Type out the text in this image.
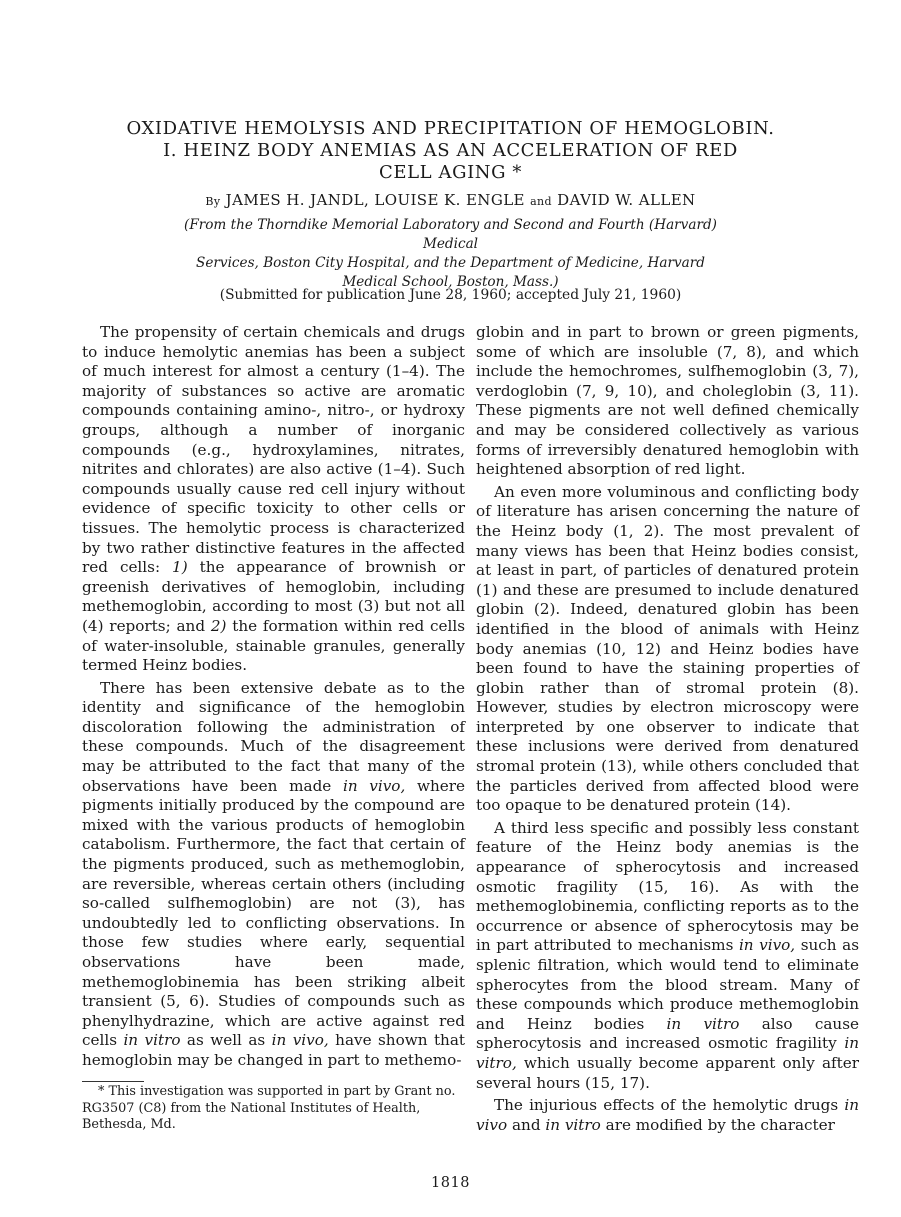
OXIDATIVE HEMOLYSIS AND PRECIPITATION OF HEMOGLOBIN.
I. HEINZ BODY ANEMIAS AS AN ACCELERATION OF RED
CELL AGING *
By JAMES H. JANDL, LOUISE K. ENGLE and DAVID W. ALLEN
(From the Thorndike Memorial Laboratory and Second and Fourth (Harvard) Medical
Services, Boston City Hospital, and the Department of Medicine, Harvard
Medical School, Boston, Mass.)
(Submitted for publication June 28, 1960; accepted July 21, 1960)

The propensity of certain chemicals and drugs to induce hemolytic anemias has been a subject of much interest for almost a century (1–4). The majority of substances so active are aromatic compounds containing amino-, nitro-, or hydroxy groups, although a number of inorganic compounds (e.g., hydroxylamines, nitrates, nitrites and chlorates) are also active (1–4). Such compounds usually cause red cell injury without evidence of specific toxicity to other cells or tissues. The hemolytic process is characterized by two rather distinctive features in the affected red cells: 1) the appearance of brownish or greenish derivatives of hemoglobin, including methemoglobin, according to most (3) but not all (4) reports; and 2) the formation within red cells of water-insoluble, stainable granules, generally termed Heinz bodies.

There has been extensive debate as to the identity and significance of the hemoglobin discoloration following the administration of these compounds. Much of the disagreement may be attributed to the fact that many of the observations have been made in vivo, where pigments initially produced by the compound are mixed with the various products of hemoglobin catabolism. Furthermore, the fact that certain of the pigments produced, such as methemoglobin, are reversible, whereas certain others (including so-called sulfhemoglobin) are not (3), has undoubtedly led to conflicting observations. In those few studies where early, sequential observations have been made, methemoglobinemia has been striking albeit transient (5, 6). Studies of compounds such as phenylhydrazine, which are active against red cells in vitro as well as in vivo, have shown that hemoglobin may be changed in part to methemo-

globin and in part to brown or green pigments, some of which are insoluble (7, 8), and which include the hemochromes, sulfhemoglobin (3, 7), verdoglobin (7, 9, 10), and choleglobin (3, 11). These pigments are not well defined chemically and may be considered collectively as various forms of irreversibly denatured hemoglobin with heightened absorption of red light.

An even more voluminous and conflicting body of literature has arisen concerning the nature of the Heinz body (1, 2). The most prevalent of many views has been that Heinz bodies consist, at least in part, of particles of denatured protein (1) and these are presumed to include denatured globin (2). Indeed, denatured globin has been identified in the blood of animals with Heinz body anemias (10, 12) and Heinz bodies have been found to have the staining properties of globin rather than of stromal protein (8). However, studies by electron microscopy were interpreted by one observer to indicate that these inclusions were derived from denatured stromal protein (13), while others concluded that the particles derived from affected blood were too opaque to be denatured protein (14).

A third less specific and possibly less constant feature of the Heinz body anemias is the appearance of spherocytosis and increased osmotic fragility (15, 16). As with the methemoglobinemia, conflicting reports as to the occurrence or absence of spherocytosis may be in part attributed to mechanisms in vivo, such as splenic filtration, which would tend to eliminate spherocytes from the blood stream. Many of these compounds which produce methemoglobin and Heinz bodies in vitro also cause spherocytosis and increased osmotic fragility in vitro, which usually become apparent only after several hours (15, 17).

The injurious effects of the hemolytic drugs in vivo and in vitro are modified by the character

* This investigation was supported in part by Grant no. RG3507 (C8) from the National Institutes of Health, Bethesda, Md.
1818
